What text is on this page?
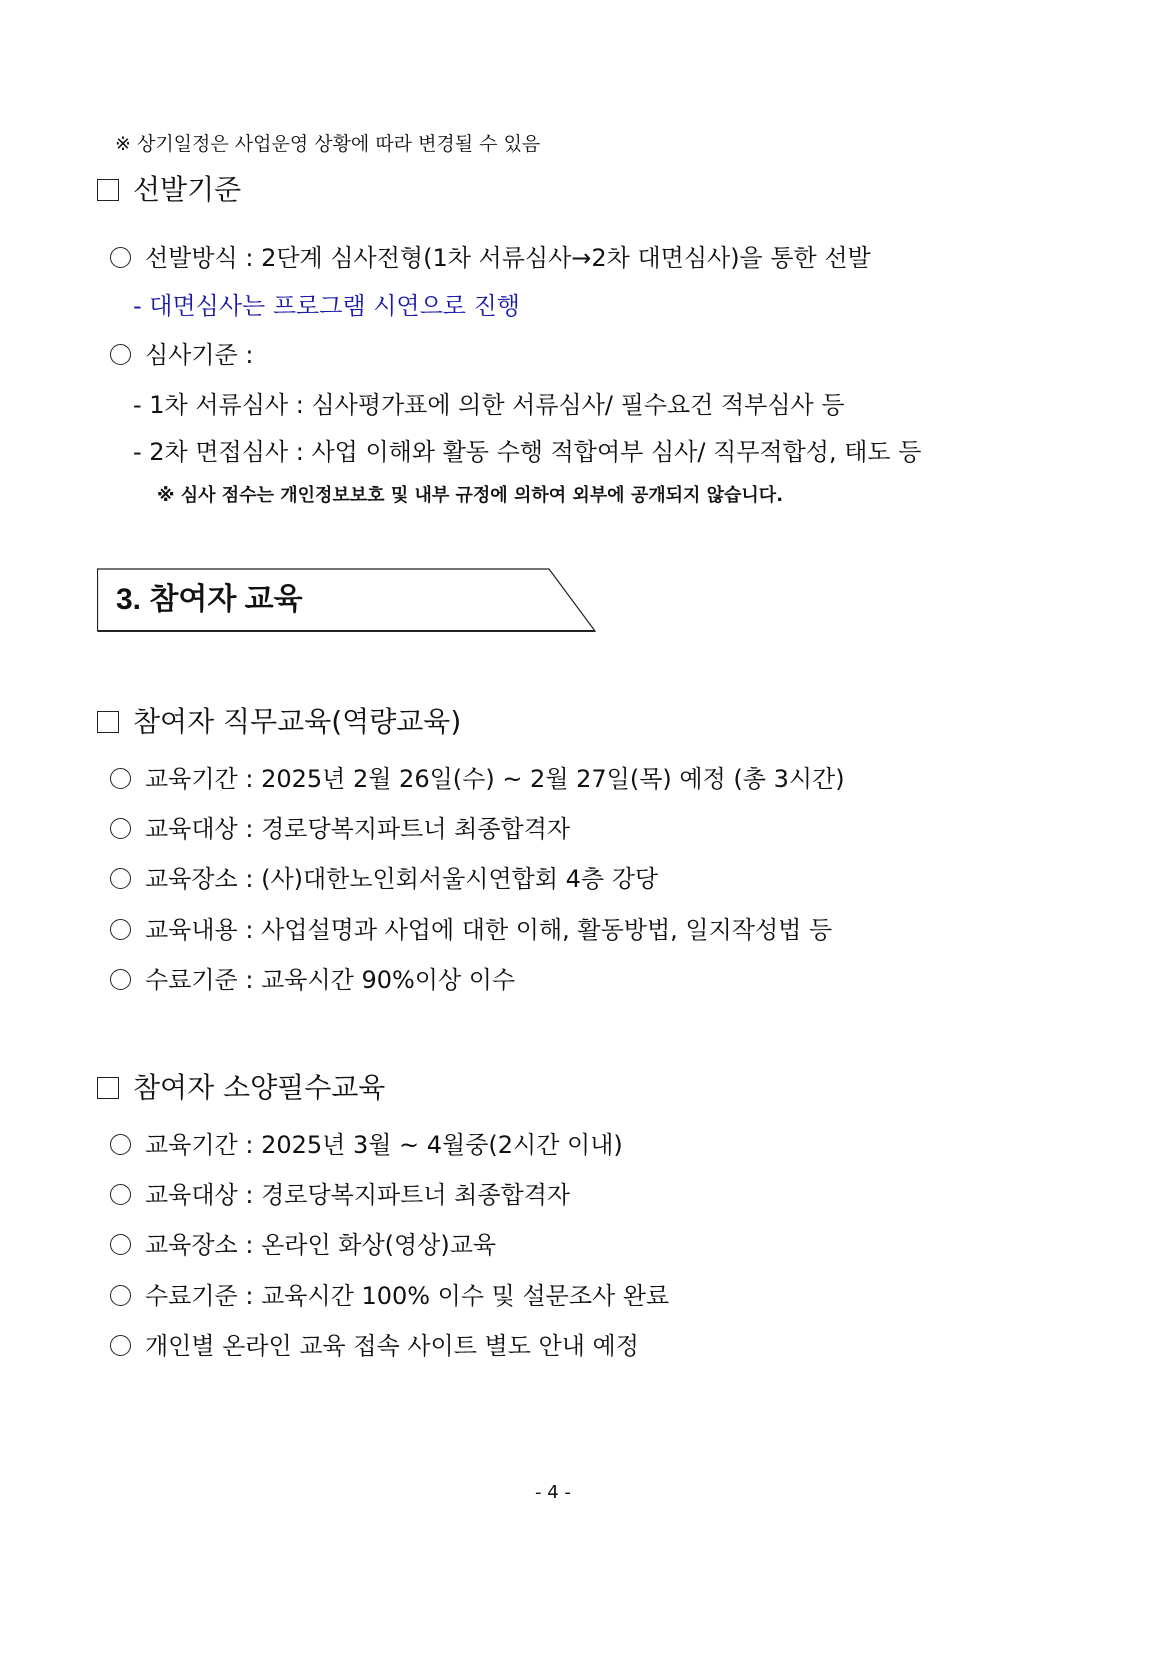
※ 상기일정은 사업운영 상황에 따라 변경될 수 있음
선발기준
선발방식 : 2단계 심사전형(1차 서류심사→2차 대면심사)을 통한 선발
- 대면심사는 프로그램 시연으로 진행
심사기준 :
- 1차 서류심사 : 심사평가표에 의한 서류심사/ 필수요건 적부심사 등
- 2차 면접심사 : 사업 이해와 활동 수행 적합여부 심사/ 직무적합성, 태도 등
※ 심사 점수는 개인정보보호 및 내부 규정에 의하여 외부에 공개되지 않습니다.
3. 참여자 교육
참여자 직무교육(역량교육)
교육기간 : 2025년 2월 26일(수) ~ 2월 27일(목) 예정 (총 3시간)
교육대상 : 경로당복지파트너 최종합격자
교육장소 : (사)대한노인회서울시연합회 4층 강당
교육내용 : 사업설명과 사업에 대한 이해, 활동방법, 일지작성법 등
수료기준 : 교육시간 90%이상 이수
참여자 소양필수교육
교육기간 : 2025년 3월 ~ 4월중(2시간 이내)
교육대상 : 경로당복지파트너 최종합격자
교육장소 : 온라인 화상(영상)교육
수료기준 : 교육시간 100% 이수 및 설문조사 완료
개인별 온라인 교육 접속 사이트 별도 안내 예정
- 4 -
